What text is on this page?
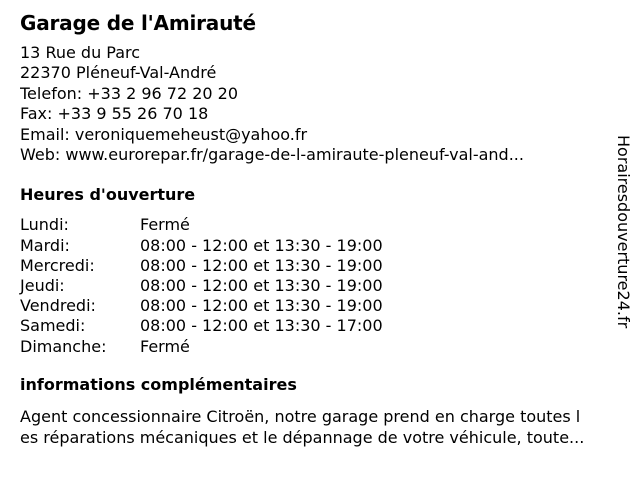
Garage de l'Amirauté
13 Rue du Parc
22370 Pléneuf-Val-André
Telefon: +33 2 96 72 20 20
Fax: +33 9 55 26 70 18
Email: veroniquemeheust@yahoo.fr
Web: www.eurorepar.fr/garage-de-l-amiraute-pleneuf-val-and...
Heures d'ouverture
Lundi:	Fermé
Mardi:	08:00 - 12:00 et 13:30 - 19:00
Mercredi:	08:00 - 12:00 et 13:30 - 19:00
Jeudi:	08:00 - 12:00 et 13:30 - 19:00
Vendredi:	08:00 - 12:00 et 13:30 - 19:00
Samedi:	08:00 - 12:00 et 13:30 - 17:00
Dimanche:	Fermé
informations complémentaires
Agent concessionnaire Citroën, notre garage prend en charge toutes l
es réparations mécaniques et le dépannage de votre véhicule, toute...
Horairesdouverture24.fr
